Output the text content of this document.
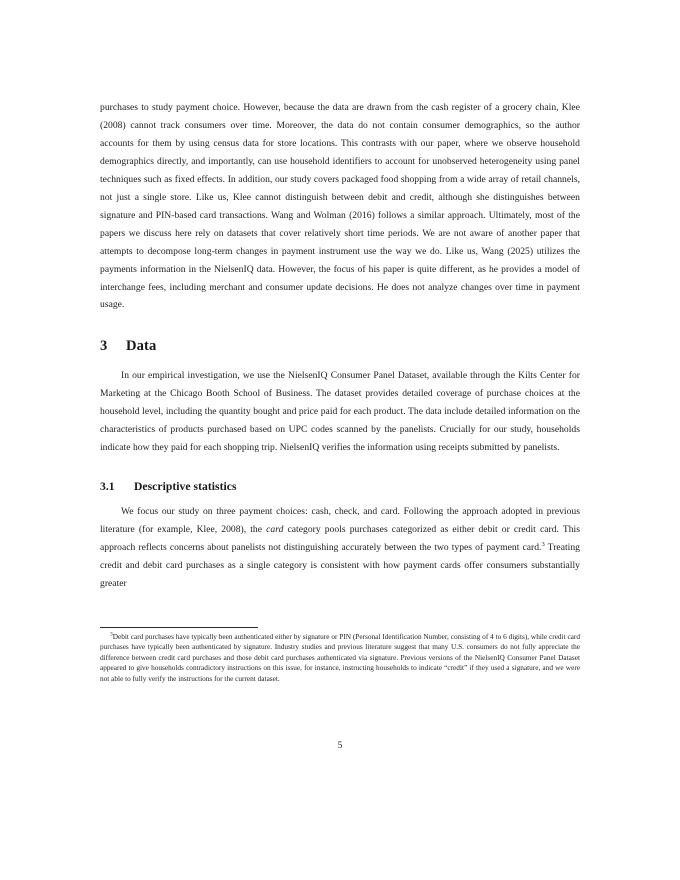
purchases to study payment choice. However, because the data are drawn from the cash register of a grocery chain, Klee (2008) cannot track consumers over time. Moreover, the data do not contain consumer demographics, so the author accounts for them by using census data for store locations. This contrasts with our paper, where we observe household demographics directly, and importantly, can use household identifiers to account for unobserved heterogeneity using panel techniques such as fixed effects. In addition, our study covers packaged food shopping from a wide array of retail channels, not just a single store. Like us, Klee cannot distinguish between debit and credit, although she distinguishes between signature and PIN-based card transactions. Wang and Wolman (2016) follows a similar approach. Ultimately, most of the papers we discuss here rely on datasets that cover relatively short time periods. We are not aware of another paper that attempts to decompose long-term changes in payment instrument use the way we do. Like us, Wang (2025) utilizes the payments information in the NielsenIQ data. However, the focus of his paper is quite different, as he provides a model of interchange fees, including merchant and consumer update decisions. He does not analyze changes over time in payment usage.

3 Data

In our empirical investigation, we use the NielsenIQ Consumer Panel Dataset, available through the Kilts Center for Marketing at the Chicago Booth School of Business. The dataset provides detailed coverage of purchase choices at the household level, including the quantity bought and price paid for each product. The data include detailed information on the characteristics of products purchased based on UPC codes scanned by the panelists. Crucially for our study, households indicate how they paid for each shopping trip. NielsenIQ verifies the information using receipts submitted by panelists.

3.1 Descriptive statistics

We focus our study on three payment choices: cash, check, and card. Following the approach adopted in previous literature (for example, Klee, 2008), the card category pools purchases categorized as either debit or credit card. This approach reflects concerns about panelists not distinguishing accurately between the two types of payment card.$^3$ Treating credit and debit card purchases as a single category is consistent with how payment cards offer consumers substantially greater

$^3$Debit card purchases have typically been authenticated either by signature or PIN (Personal Identification Number, consisting of 4 to 6 digits), while credit card purchases have typically been authenticated by signature. Industry studies and previous literature suggest that many U.S. consumers do not fully appreciate the difference between credit card purchases and those debit card purchases authenticated via signature. Previous versions of the NielsenIQ Consumer Panel Dataset appeared to give households contradictory instructions on this issue, for instance, instructing households to indicate “credit” if they used a signature, and we were not able to fully verify the instructions for the current dataset.

5
